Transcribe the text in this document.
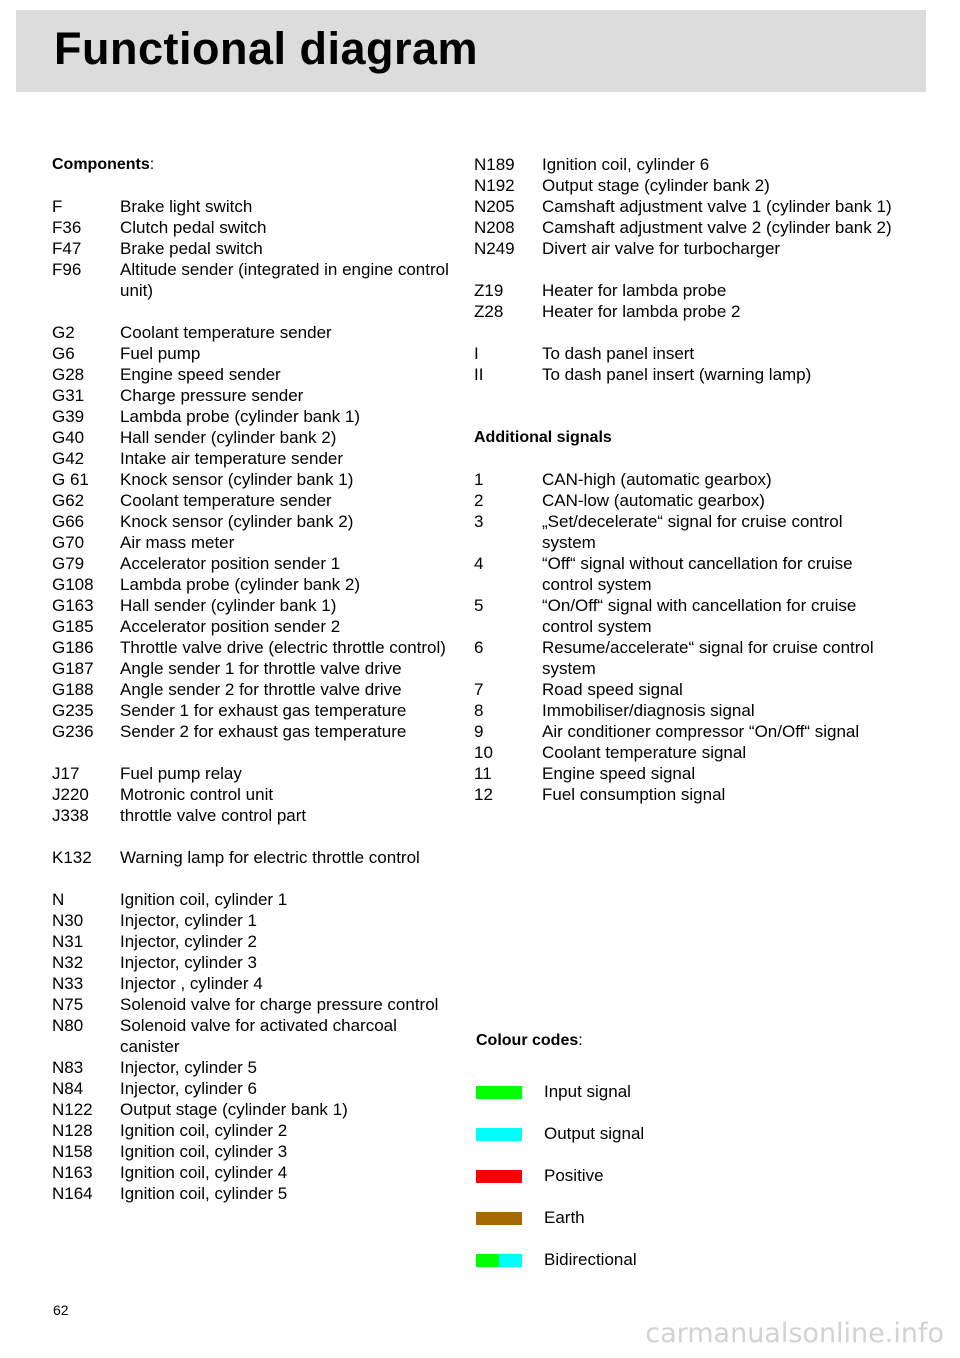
Functional diagram
Components:
F	Brake light switch
F36	Clutch pedal switch
F47	Brake pedal switch
F96	Altitude sender (integrated in engine control unit)
G2	Coolant temperature sender
G6	Fuel pump
G28	Engine speed sender
G31	Charge pressure sender
G39	Lambda probe (cylinder bank 1)
G40	Hall sender (cylinder bank 2)
G42	Intake air temperature sender
G 61	Knock sensor (cylinder bank 1)
G62	Coolant temperature sender
G66	Knock sensor (cylinder bank 2)
G70	Air mass meter
G79	Accelerator position sender 1
G108	Lambda probe (cylinder bank 2)
G163	Hall sender (cylinder bank 1)
G185	Accelerator position sender 2
G186	Throttle valve drive (electric throttle control)
G187	Angle sender 1 for throttle valve drive
G188	Angle sender 2 for throttle valve drive
G235	Sender 1 for exhaust gas temperature
G236	Sender 2 for exhaust gas temperature
J17	Fuel pump relay
J220	Motronic control unit
J338	throttle valve control part
K132	Warning lamp for electric throttle control
N	Ignition coil, cylinder 1
N30	Injector, cylinder 1
N31	Injector, cylinder 2
N32	Injector, cylinder 3
N33	Injector , cylinder 4
N75	Solenoid valve for charge pressure control
N80	Solenoid valve for activated charcoal canister
N83	Injector, cylinder 5
N84	Injector, cylinder 6
N122	Output stage (cylinder bank 1)
N128	Ignition coil, cylinder 2
N158	Ignition coil, cylinder 3
N163	Ignition coil, cylinder 4
N164	Ignition coil, cylinder 5
N189	Ignition coil, cylinder 6
N192	Output stage (cylinder bank 2)
N205	Camshaft adjustment valve 1 (cylinder bank 1)
N208	Camshaft adjustment valve 2 (cylinder bank 2)
N249	Divert air valve for turbocharger
Z19	Heater for lambda probe
Z28	Heater for lambda probe 2
I	To dash panel insert
II	To dash panel insert (warning lamp)
Additional signals
1	CAN-high (automatic gearbox)
2	CAN-low (automatic gearbox)
3	„Set/decelerate“ signal for cruise control system
4	“Off“ signal without cancellation for cruise control system
5	“On/Off“ signal with cancellation for cruise control system
6	Resume/accelerate“ signal for cruise control system
7	Road speed signal
8	Immobiliser/diagnosis signal
9	Air conditioner compressor “On/Off“ signal
10	Coolant temperature signal
11	Engine speed signal
12	Fuel consumption signal
Colour codes:
Input signal
Output signal
Positive
Earth
Bidirectional
62
carmanualsonline.info
